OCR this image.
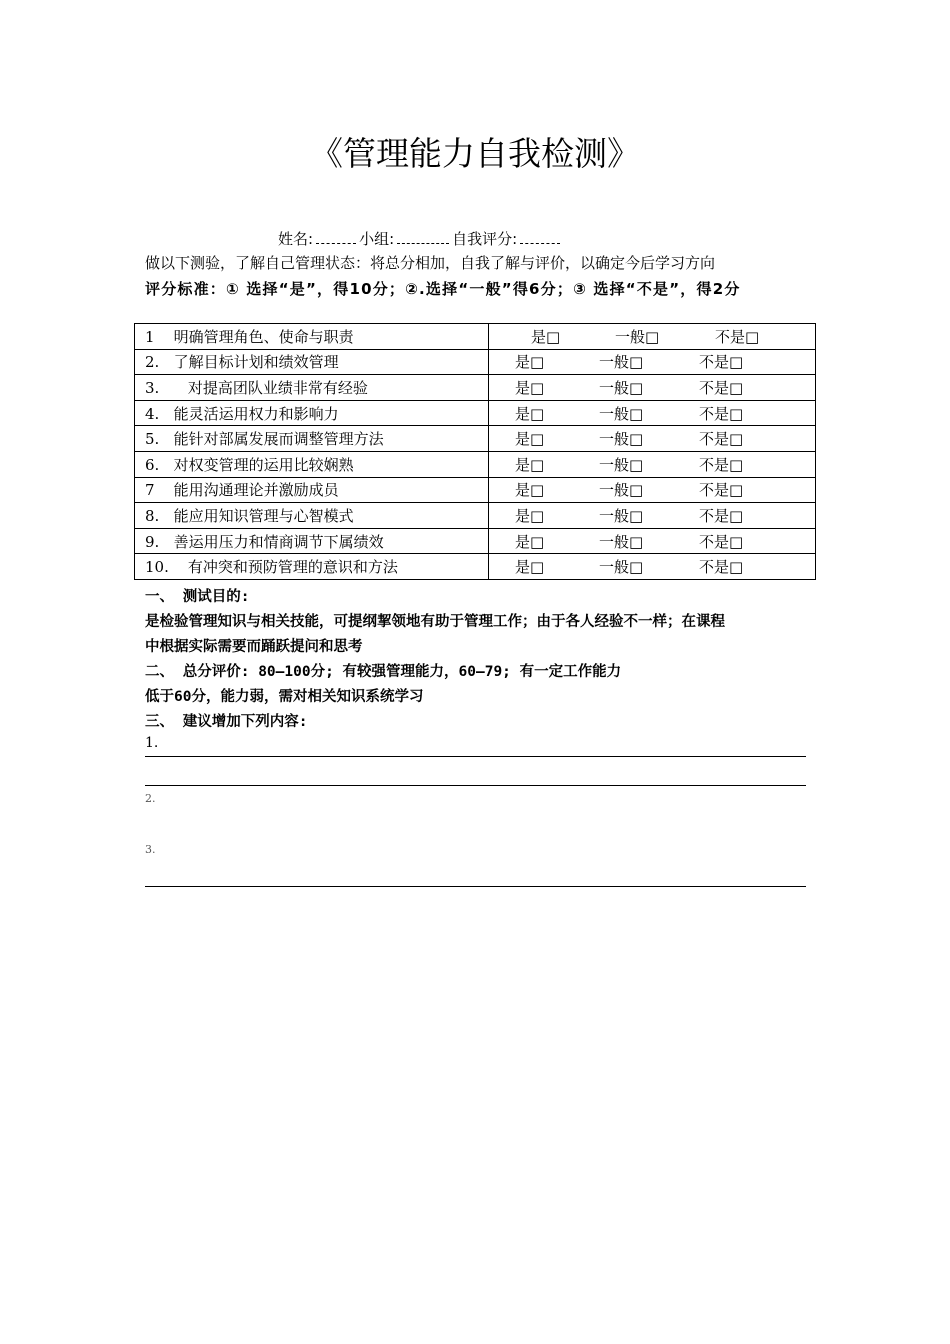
《管理能力自我检测》
姓名:	小组:	自我评分:
做以下测验，了解自己管理状态：将总分相加，自我了解与评价，以确定今后学习方向
评分标准：① 选择“是”，得10分；②.选择“一般”得6分；③ 选择“不是”，得2分
1    明确管理角色、使命与职责	是□ 一般□ 不是□
2.   了解目标计划和绩效管理	是□ 一般□ 不是□
3.      对提高团队业绩非常有经验	是□ 一般□ 不是□
4.   能灵活运用权力和影响力	是□ 一般□ 不是□
5.   能针对部属发展而调整管理方法	是□ 一般□ 不是□
6.   对权变管理的运用比较娴熟	是□ 一般□ 不是□
7    能用沟通理论并激励成员	是□ 一般□ 不是□
8.   能应用知识管理与心智模式	是□ 一般□ 不是□
9.   善运用压力和情商调节下属绩效	是□ 一般□ 不是□
10.    有冲突和预防管理的意识和方法	是□ 一般□ 不是□
一、 测试目的:
是检验管理知识与相关技能，可提纲挈领地有助于管理工作；由于各人经验不一样；在课程
中根据实际需要而踊跃提问和思考
二、 总分评价: 80—100分; 有较强管理能力，60—79; 有一定工作能力
低于60分，能力弱，需对相关知识系统学习
三、 建议增加下列内容:
1.
2.
3.
